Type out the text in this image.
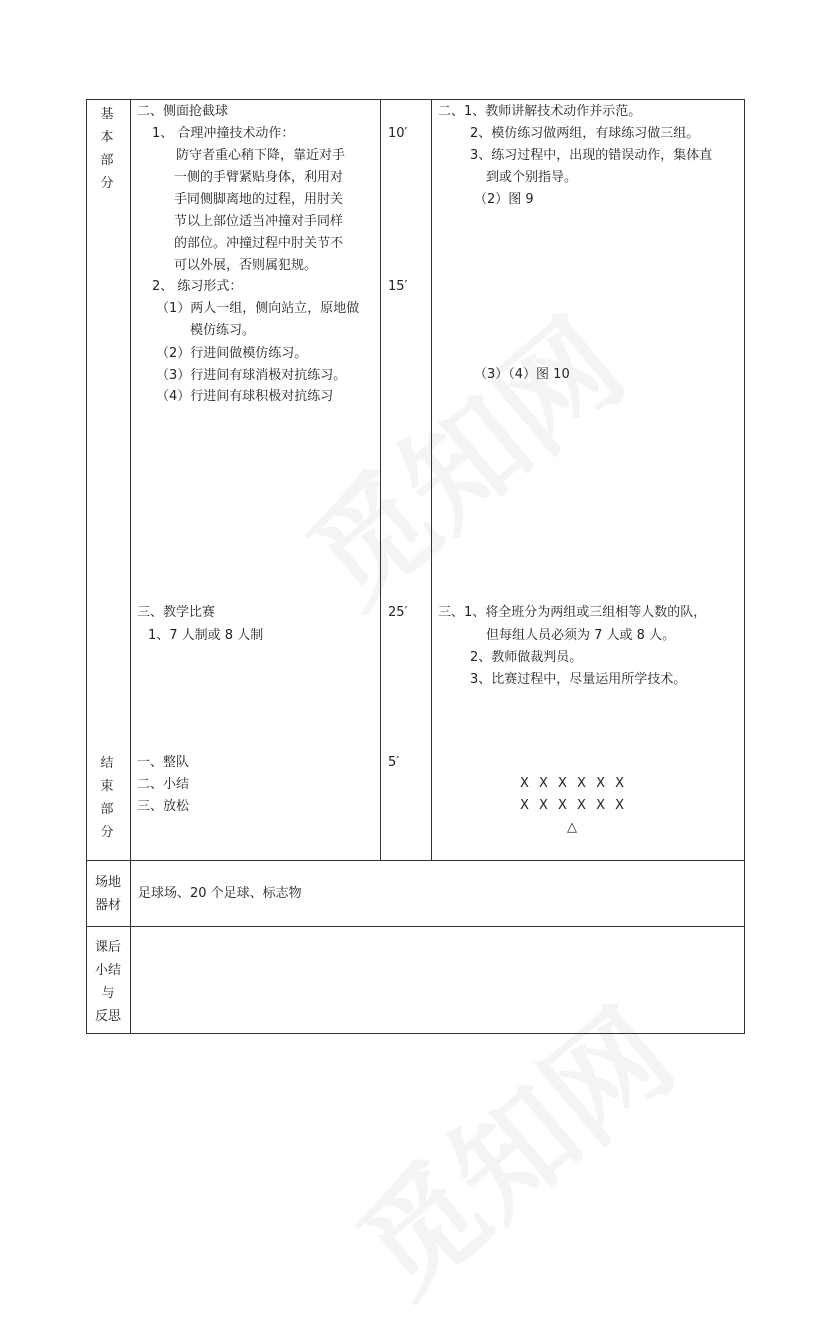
基
本
部
分
结
束
部
分
场地
器材
课后
小结
与
反思
二、侧面抢截球
1、 合理冲撞技术动作：
防守者重心稍下降，靠近对手
一侧的手臂紧贴身体，利用对
手同侧脚离地的过程，用肘关
节以上部位适当冲撞对手同样
的部位。冲撞过程中肘关节不
可以外展，否则属犯规。
2、 练习形式：
（1）两人一组，侧向站立，原地做
模仿练习。
（2）行进间做模仿练习。
（3）行进间有球消极对抗练习。
（4）行进间有球积极对抗练习
三、教学比赛
1、7 人制或 8 人制
一、整队
二、小结
三、放松
10′
15′
25′
5′
二、1、教师讲解技术动作并示范。
2、模仿练习做两组，有球练习做三组。
3、练习过程中，出现的错误动作，集体直
到或个别指导。
（2）图 9
（3）（4）图 10
三、1、将全班分为两组或三组相等人数的队，
但每组人员必须为 7 人或 8 人。
2、教师做裁判员。
3、比赛过程中，尽量运用所学技术。
X X X X X X
X X X X X X
△
足球场、20 个足球、标志物
